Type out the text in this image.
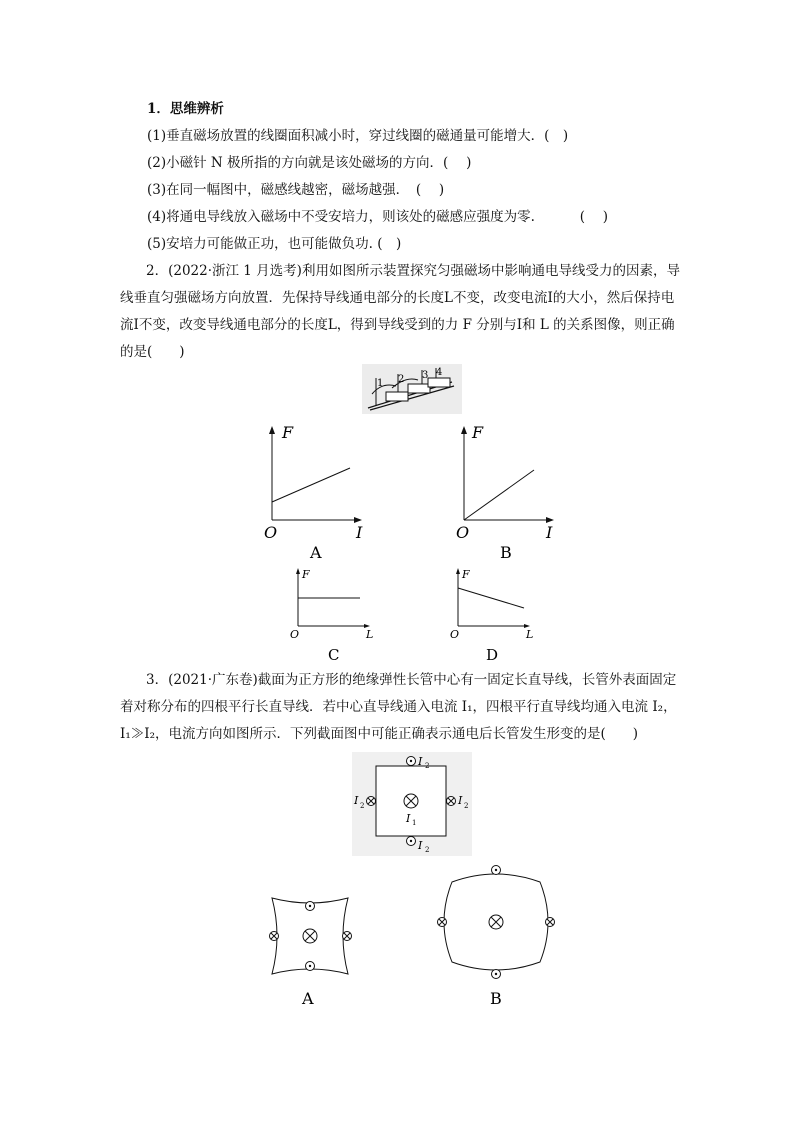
1．思维辨析
(1)垂直磁场放置的线圈面积减小时，穿过线圈的磁通量可能增大．(　)
(2)小磁针 N 极所指的方向就是该处磁场的方向．(　 )
(3)在同一幅图中，磁感线越密，磁场越强．　(　 )
(4)将通电导线放入磁场中不受安培力，则该处的磁感应强度为零.　　　 (　 )
(5)安培力可能做正功，也可能做负功. (　)
2．(2022·浙江 1 月选考)利用如图所示装置探究匀强磁场中影响通电导线受力的因素，导线垂直匀强磁场方向放置．先保持导线通电部分的长度L不变，改变电流I的大小，然后保持电流I不变，改变导线通电部分的长度L，得到导线受到的力 F 分别与I和 L 的关系图像，则正确的是(　　)
1 2 3 4
F
O	I
A
F
O	I
B
F
O	L
C
F
O	L
D
3．(2021·广东卷)截面为正方形的绝缘弹性长管中心有一固定长直导线，长管外表面固定着对称分布的四根平行长直导线．若中心直导线通入电流 I₁，四根平行直导线均通入电流 I₂，I₁≫I₂，电流方向如图所示．下列截面图中可能正确表示通电后长管发生形变的是(　　)
I 2
I 2
I 2	I 2
I 1
A	B
